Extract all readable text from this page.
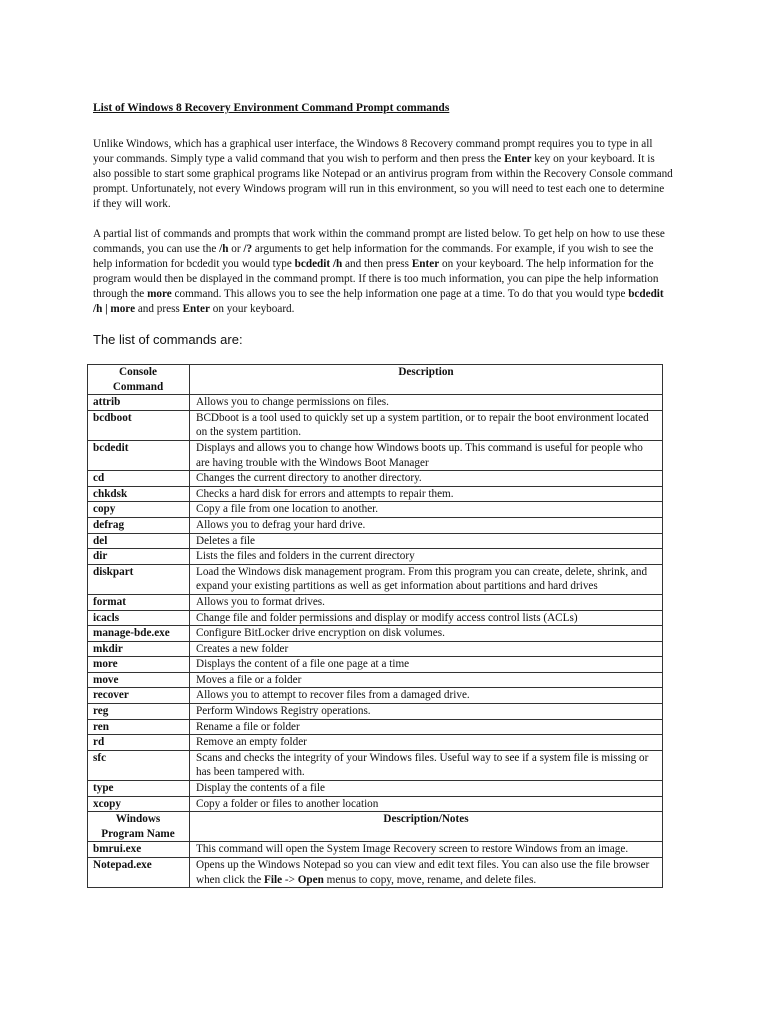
List of Windows 8 Recovery Environment Command Prompt commands

Unlike Windows, which has a graphical user interface, the Windows 8 Recovery command prompt requires you to type in all your commands. Simply type a valid command that you wish to perform and then press the Enter key on your keyboard. It is also possible to start some graphical programs like Notepad or an antivirus program from within the Recovery Console command prompt. Unfortunately, not every Windows program will run in this environment, so you will need to test each one to determine if they will work.

A partial list of commands and prompts that work within the command prompt are listed below. To get help on how to use these commands, you can use the /h or /? arguments to get help information for the commands. For example, if you wish to see the help information for bcdedit you would type bcdedit /h and then press Enter on your keyboard. The help information for the program would then be displayed in the command prompt. If there is too much information, you can pipe the help information through the more command. This allows you to see the help information one page at a time. To do that you would type bcdedit /h | more and press Enter on your keyboard.

The list of commands are:
Console Command	Description
attrib	Allows you to change permissions on files.
bcdboot	BCDboot is a tool used to quickly set up a system partition, or to repair the boot environment located on the system partition.
bcdedit	Displays and allows you to change how Windows boots up. This command is useful for people who are having trouble with the Windows Boot Manager
cd	Changes the current directory to another directory.
chkdsk	Checks a hard disk for errors and attempts to repair them.
copy	Copy a file from one location to another.
defrag	Allows you to defrag your hard drive.
del	Deletes a file
dir	Lists the files and folders in the current directory
diskpart	Load the Windows disk management program. From this program you can create, delete, shrink, and expand your existing partitions as well as get information about partitions and hard drives
format	Allows you to format drives.
icacls	Change file and folder permissions and display or modify access control lists (ACLs)
manage-bde.exe	Configure BitLocker drive encryption on disk volumes.
mkdir	Creates a new folder
more	Displays the content of a file one page at a time
move	Moves a file or a folder
recover	Allows you to attempt to recover files from a damaged drive.
reg	Perform Windows Registry operations.
ren	Rename a file or folder
rd	Remove an empty folder
sfc	Scans and checks the integrity of your Windows files. Useful way to see if a system file is missing or has been tampered with.
type	Display the contents of a file
xcopy	Copy a folder or files to another location
Windows Program Name	Description/Notes
bmrui.exe	This command will open the System Image Recovery screen to restore Windows from an image.
Notepad.exe	Opens up the Windows Notepad so you can view and edit text files. You can also use the file browser when click the File -> Open menus to copy, move, rename, and delete files.
